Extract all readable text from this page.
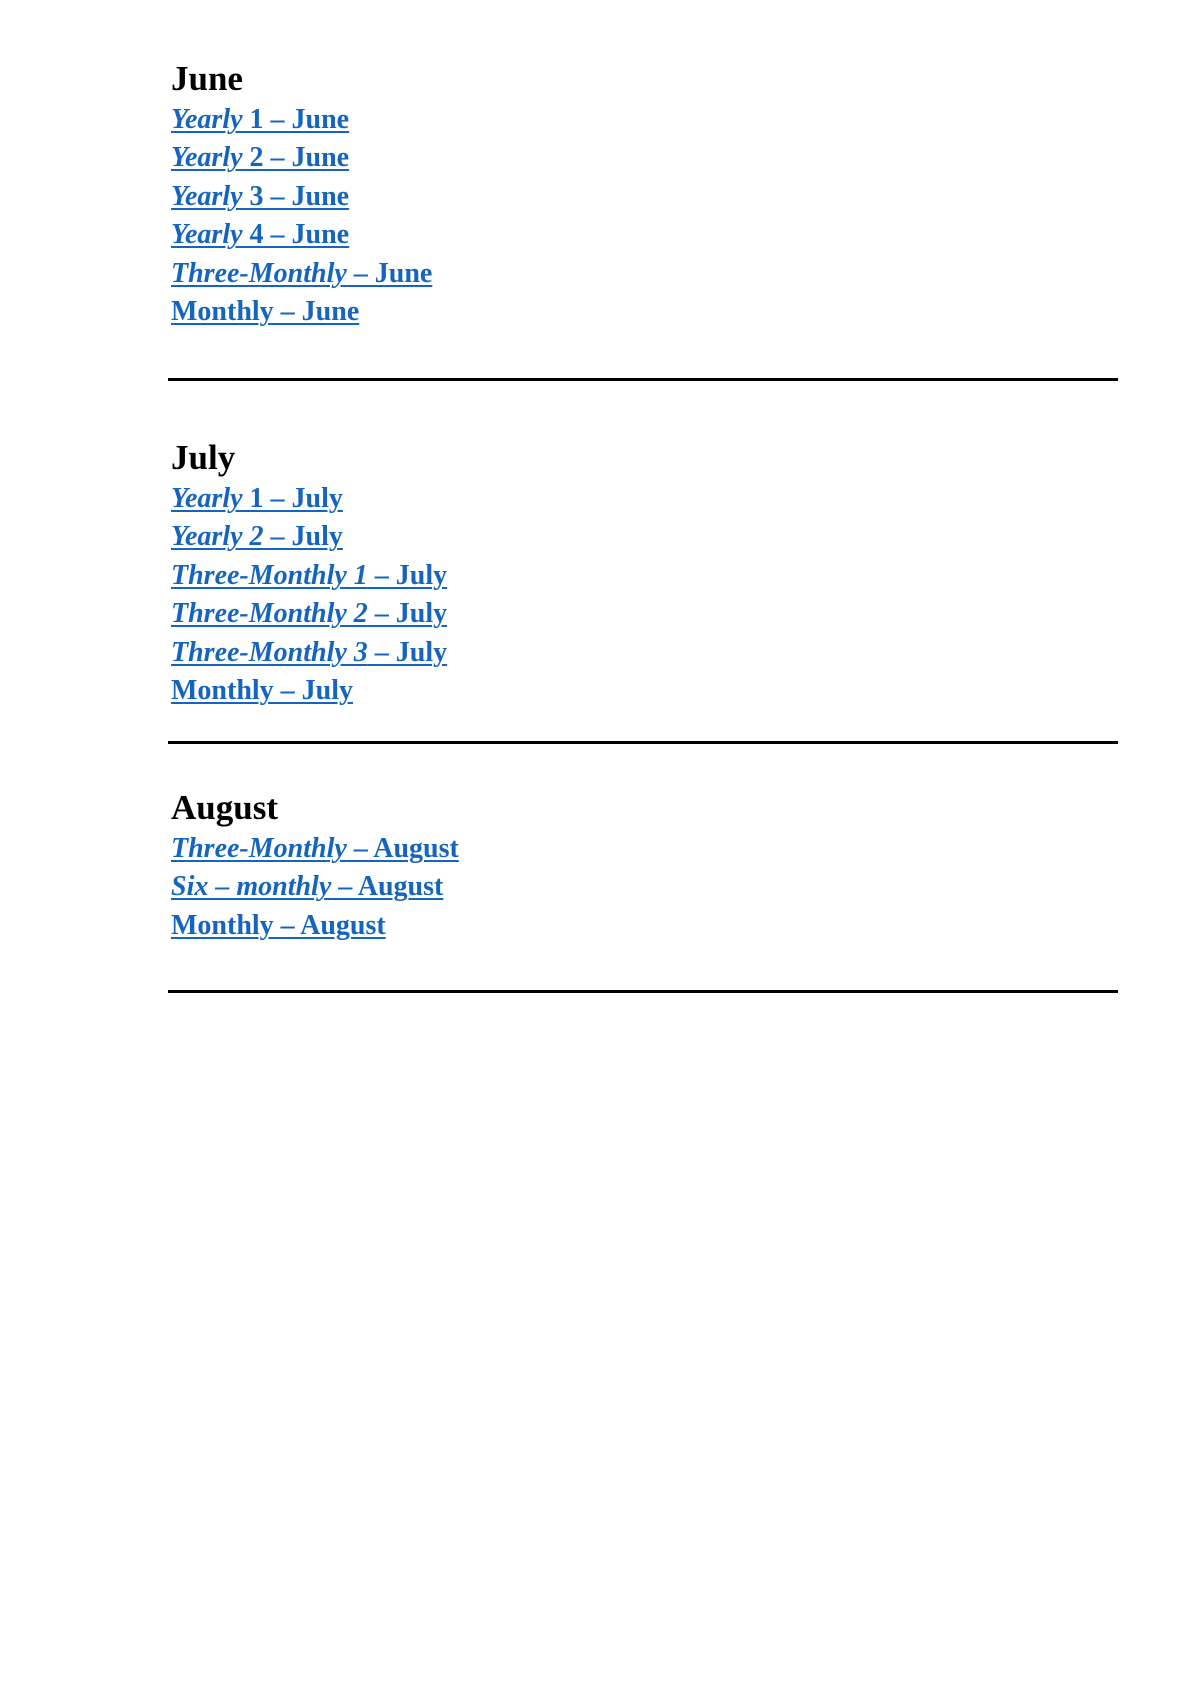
June
Yearly 1 – June
Yearly 2 – June
Yearly 3 – June
Yearly 4 – June
Three-Monthly – June
Monthly – June
July
Yearly 1 – July
Yearly 2 – July
Three-Monthly 1 – July
Three-Monthly 2 – July
Three-Monthly 3 – July
Monthly – July
August
Three-Monthly – August
Six – monthly – August
Monthly – August
